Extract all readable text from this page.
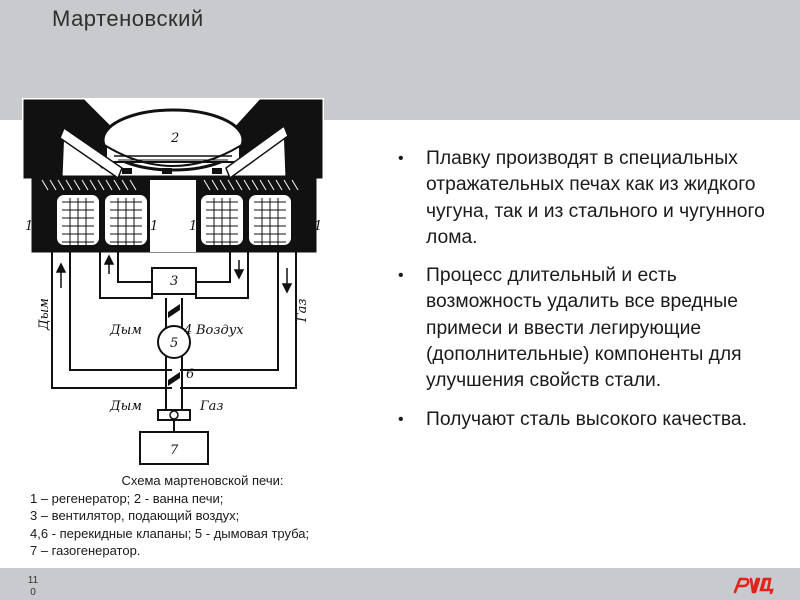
Мартеновский
2
1	1 1	1
3
4
5
6
7
Дым	Воздух
Дым	Газ
Дым	Газ
Схема мартеновской печи:
1 – регенератор; 2 - ванна печи;
3 – вентилятор, подающий воздух;
4,6 - перекидные клапаны; 5 - дымовая труба;
7 – газогенератор.
• Плавку производят в специальных отражательных печах как из жидкого чугуна, так и из стального и чугунного лома.
• Процесс длительный и есть возможность удалить все вредные примеси и ввести легирующие (дополнительные) компоненты для улучшения свойств стали.
• Получают сталь высокого качества.
110
